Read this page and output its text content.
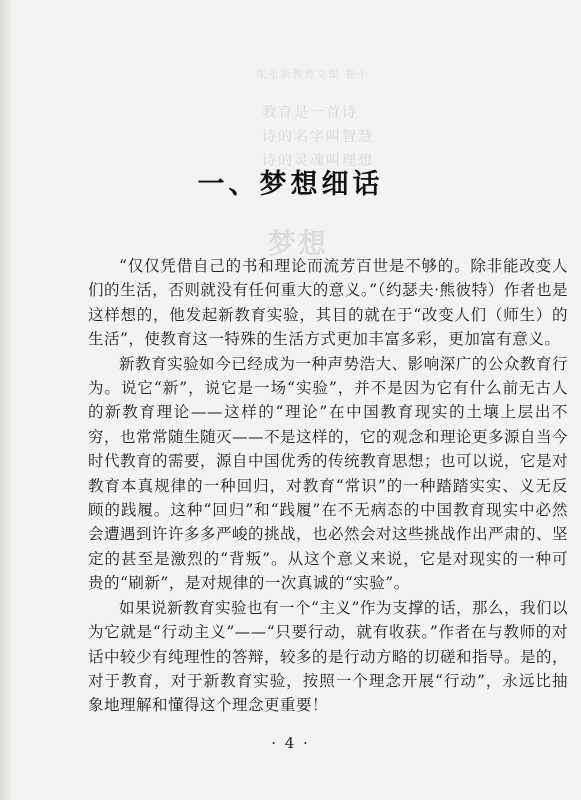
朱永新教育文集 卷十
教育是一首诗
诗的名字叫智慧
诗的灵魂叫理想
梦想
一、梦想细话

“仅仅凭借自己的书和理论而流芳百世是不够的。除非能改变人们的生活，否则就没有任何重大的意义。”（约瑟夫·熊彼特）作者也是这样想的，他发起新教育实验，其目的就在于“改变人们（师生）的生活”，使教育这一特殊的生活方式更加丰富多彩，更加富有意义。

新教育实验如今已经成为一种声势浩大、影响深广的公众教育行为。说它“新”，说它是一场“实验”，并不是因为它有什么前无古人的新教育理论——这样的“理论”在中国教育现实的土壤上层出不穷，也常常随生随灭——不是这样的，它的观念和理论更多源自当今时代教育的需要，源自中国优秀的传统教育思想；也可以说，它是对教育本真规律的一种回归，对教育“常识”的一种踏踏实实、义无反顾的践履。这种“回归”和“践履”在不无病态的中国教育现实中必然会遭遇到许许多多严峻的挑战，也必然会对这些挑战作出严肃的、坚定的甚至是激烈的“背叛”。从这个意义来说，它是对现实的一种可贵的“刷新”，是对规律的一次真诚的“实验”。

如果说新教育实验也有一个“主义”作为支撑的话，那么，我们以为它就是“行动主义”——“只要行动，就有收获。”作者在与教师的对话中较少有纯理性的答辩，较多的是行动方略的切磋和指导。是的，对于教育，对于新教育实验，按照一个理念开展“行动”，永远比抽象地理解和懂得这个理念更重要！

· 4 ·
